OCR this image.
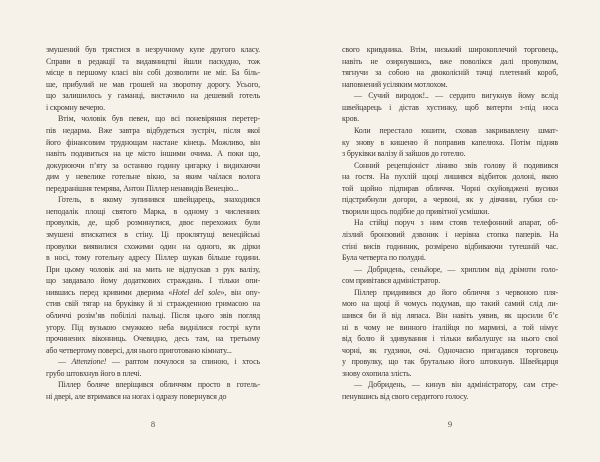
змушений був трястися в незручному купе другого класу.
Справи в редакції та видавництві йшли паскудно, тож
місце в першому класі він собі дозволити не міг. Ба біль-
ше, прибулий не мав грошей на зворотну дорогу. Усього,
що залишилось у гаманці, вистачило на дешевий готель
і скромну вечерю.
Втім, чоловік був певен, що всі поневіряння перетер-
пів недарма. Вже завтра відбудеться зустріч, після якої
його фінансовим труднощам настане кінець. Можливо, він
навіть подивиться на це місто іншими очима. А поки що,
докурюючи п’яту за останню годину цигарку і видихаючи
дим у невелике готельне вікно, за яким чаїлася волога
передранішня темрява, Антон Піллер ненавидів Венецію...
Готель, в якому зупинився швейцарець, знаходився
неподалік площі святого Марка, в одному з численних
провулків, де, щоб розминутися, двоє перехожих були
змушені втискатися в стіну. Ці проклятущі венеційські
провулки виявилися схожими один на одного, як дірки
в носі, тому готельну адресу Піллер шукав більше години.
При цьому чоловік ані на мить не відпускав з рук валізу,
що завдавало йому додаткових страждань. І тільки опи-
нившись перед кривими дверима «Hotel del sole», він опу-
стив свій тягар на бруківку й зі стражденною гримасою на
обличчі розім’яв побілілі пальці. Після цього звів погляд
угору. Під вузькою смужкою неба виднілися гострі кути
прочинених віконниць. Очевидно, десь там, на третьому
або четвертому поверсі, для нього приготовано кімнату...
— Attenzione! — раптом почулося за спиною, і хтось
грубо штовхнув його в плечі.
Піллер боляче вперіщився обличчям просто в готель-
ні двері, але втримався на ногах і одразу повернувся до
8
свого кривдника. Втім, низький широкоплечий торговець,
навіть не озирнувшись, вже поволікся далі провулком,
тягнучи за собою на двоколісній тачці плетений короб,
наповнений усіляким мотлохом.
— Сучий виродок!.. — сердито вигукнув йому вслід
швейцарець і дістав хустинку, щоб витерти з-під носа
кров.
Коли перестало юшити, сховав закривавлену шмат-
ку знову в кишеню й поправив капелюха. Потім підняв
з бруківки валізу й зайшов до готелю.
Сонний рецепціоніст ліниво звів голову й подивився
на гостя. На пухлій щоці лишився відбиток долоні, якою
той щойно підпирав обличчя. Чорні скуйовджені вусики
підстрибнули догори, а червоні, як у дівчини, губки со-
творили щось подібне до привітної усмішки.
На стійці поруч з ним стояв телефонний апарат, об-
лізлий бронзовий дзвоник і нерівна стопка паперів. На
стіні висів годинник, розмірено відбиваючи тутешній час.
Була четверта по полудні.
— Добридень, сеньйоре, — хриплим від дрімоти голо-
сом привітався адміністратор.
Піллер придивився до його обличчя з червоною пля-
мою на щоці й чомусь подумав, що такий самий слід ли-
шився би й від ляпаса. Він навіть уявив, як щосили б’є
ні в чому не винного італійця по мармизі, а той німує
від болю й здивування і тільки вибалушує на нього свої
чорні, як гудзики, очі. Одночасно пригадався торговець
у провулку, що так брутально його штовхнув. Швейцарця
знову охопила злість.
— Добридень, — кинув він адміністратору, сам стре-
пенувшись від свого сердитого голосу.
9
